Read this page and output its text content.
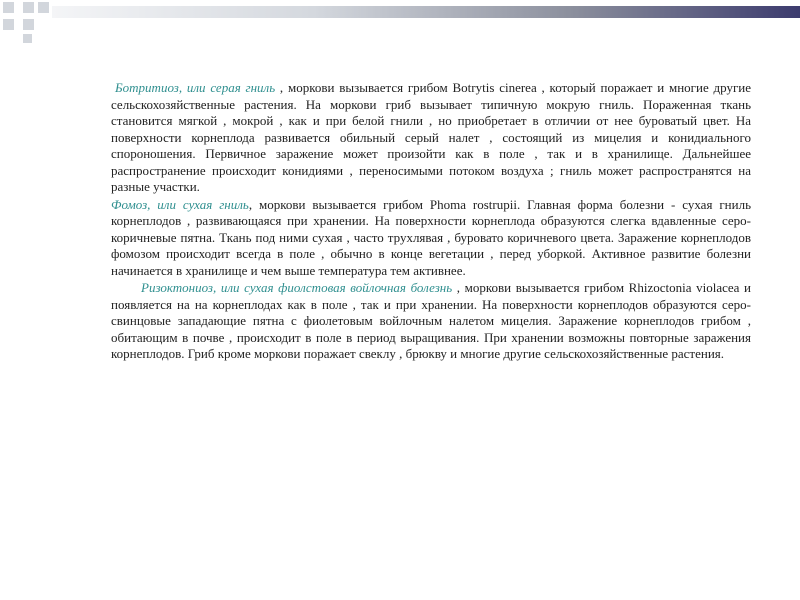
Ботритиоз, или серая гниль , моркови вызывается грибом Botrytis cinerea , который поражает и многие другие сельскохозяйственные растения. На моркови гриб вызывает типичную мокрую гниль. Пораженная ткань становится мягкой , мокрой , как и при белой гнили , но приобретает в отличии от нее буроватый цвет. На поверхности корнеплода развивается обильный серый налет , состоящий из мицелия и конидиального спороношения. Первичное заражение может произойти как в поле , так и в хранилище. Дальнейшее распространение происходит конидиями , переносимыми потоком воздуха ; гниль может распространятся на разные участки.

Фомоз, или сухая гниль, моркови вызывается грибом Phoma rostrupii. Главная форма болезни - сухая гниль корнеплодов , развивающаяся при хранении. На поверхности корнеплода образуются слегка вдавленные серо-коричневые пятна. Ткань под ними сухая , часто трухлявая , буровато коричневого цвета. Заражение корнеплодов фомозом происходит всегда в поле , обычно в конце вегетации , перед уборкой. Активное развитие болезни начинается в хранилище и чем выше температура тем активнее.

Ризоктониоз, или сухая фиолстовая войлочная болезнь , моркови вызывается грибом Rhizoctonia violacea и появляется на на корнеплодах как в поле , так и при хранении. На поверхности корнеплодов образуются серо-свинцовые западающие пятна с фиолетовым войлочным налетом мицелия. Заражение корнеплодов грибом , обитающим в почве , происходит в поле в период выращивания. При хранении возможны повторные заражения корнеплодов. Гриб кроме моркови поражает свеклу , брюкву и многие другие сельскохозяйственные растения.
